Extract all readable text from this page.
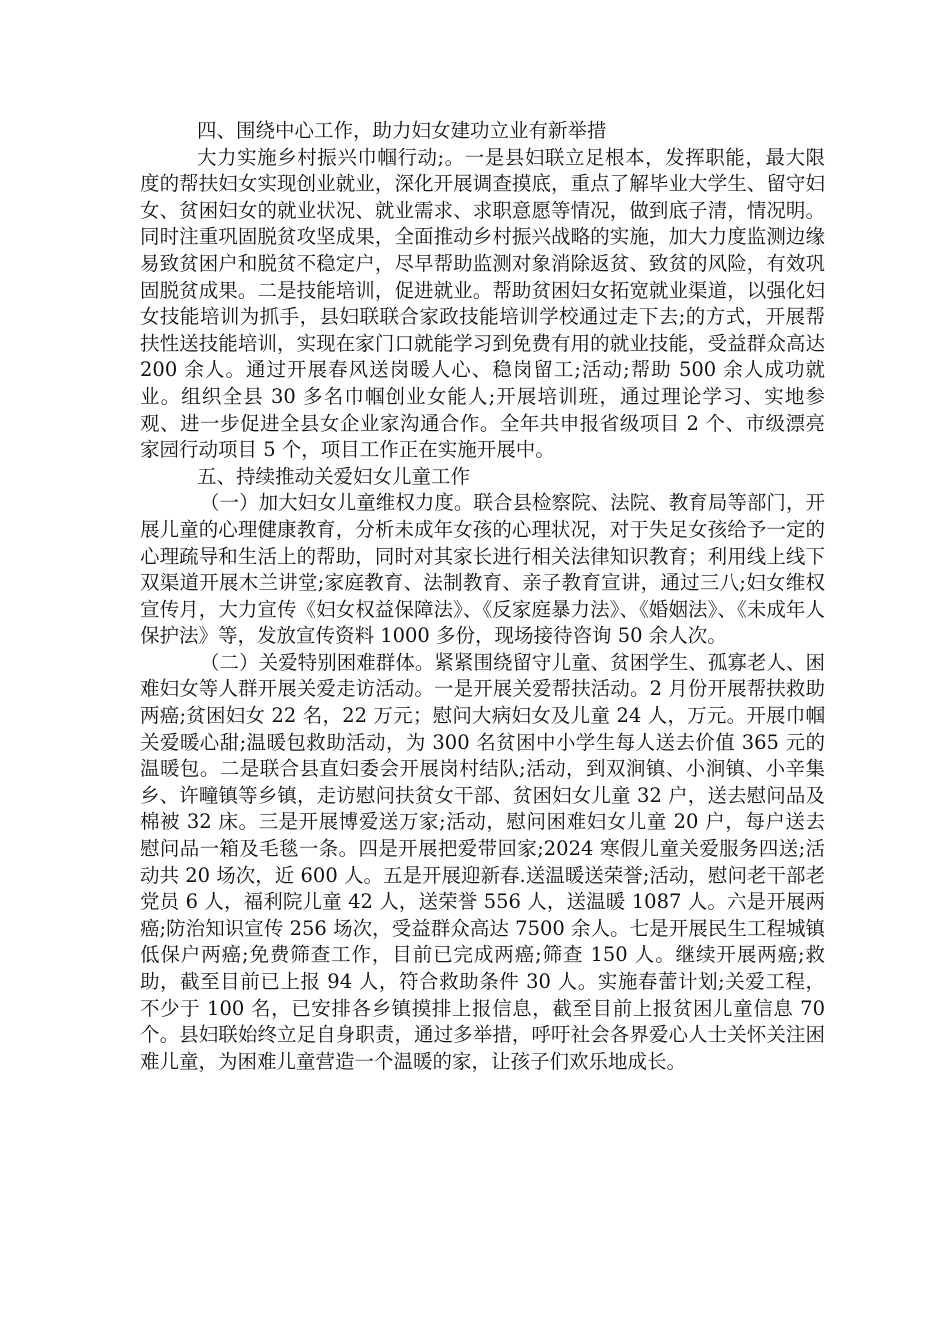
四、围绕中心工作，助力妇女建功立业有新举措

大力实施乡村振兴巾帼行动;。一是县妇联立足根本，发挥职能，最大限度的帮扶妇女实现创业就业，深化开展调查摸底，重点了解毕业大学生、留守妇女、贫困妇女的就业状况、就业需求、求职意愿等情况，做到底子清，情况明。同时注重巩固脱贫攻坚成果，全面推动乡村振兴战略的实施，加大力度监测边缘易致贫困户和脱贫不稳定户，尽早帮助监测对象消除返贫、致贫的风险，有效巩固脱贫成果。二是技能培训，促进就业。帮助贫困妇女拓宽就业渠道，以强化妇女技能培训为抓手，县妇联联合家政技能培训学校通过走下去;的方式，开展帮扶性送技能培训，实现在家门口就能学习到免费有用的就业技能，受益群众高达 200 余人。通过开展春风送岗暖人心、稳岗留工;活动;帮助 500 余人成功就业。组织全县 30 多名巾帼创业女能人;开展培训班，通过理论学习、实地参观、进一步促进全县女企业家沟通合作。全年共申报省级项目 2 个、市级漂亮家园行动项目 5 个，项目工作正在实施开展中。

五、持续推动关爱妇女儿童工作

（一）加大妇女儿童维权力度。联合县检察院、法院、教育局等部门，开展儿童的心理健康教育，分析未成年女孩的心理状况，对于失足女孩给予一定的心理疏导和生活上的帮助，同时对其家长进行相关法律知识教育；利用线上线下双渠道开展木兰讲堂;家庭教育、法制教育、亲子教育宣讲，通过三八;妇女维权宣传月，大力宣传《妇女权益保障法》、《反家庭暴力法》、《婚姻法》、《未成年人保护法》等，发放宣传资料 1000 多份，现场接待咨询 50 余人次。

（二）关爱特别困难群体。紧紧围绕留守儿童、贫困学生、孤寡老人、困难妇女等人群开展关爱走访活动。一是开展关爱帮扶活动。2 月份开展帮扶救助两癌;贫困妇女 22 名，22 万元；慰问大病妇女及儿童 24 人，万元。开展巾帼关爱暖心甜;温暖包救助活动，为 300 名贫困中小学生每人送去价值 365 元的温暖包。二是联合县直妇委会开展岗村结队;活动，到双涧镇、小涧镇、小辛集乡、许疃镇等乡镇，走访慰问扶贫女干部、贫困妇女儿童 32 户，送去慰问品及棉被 32 床。三是开展博爱送万家;活动，慰问困难妇女儿童 20 户，每户送去慰问品一箱及毛毯一条。四是开展把爱带回家;2024 寒假儿童关爱服务四送;活动共 20 场次，近 600 人。五是开展迎新春.送温暖送荣誉;活动，慰问老干部老党员 6 人，福利院儿童 42 人，送荣誉 556 人，送温暖 1087 人。六是开展两癌;防治知识宣传 256 场次，受益群众高达 7500 余人。七是开展民生工程城镇低保户两癌;免费筛查工作，目前已完成两癌;筛查 150 人。继续开展两癌;救助，截至目前已上报 94 人，符合救助条件 30 人。实施春蕾计划;关爱工程，不少于 100 名，已安排各乡镇摸排上报信息，截至目前上报贫困儿童信息 70 个。县妇联始终立足自身职责，通过多举措，呼吁社会各界爱心人士关怀关注困难儿童，为困难儿童营造一个温暖的家，让孩子们欢乐地成长。
